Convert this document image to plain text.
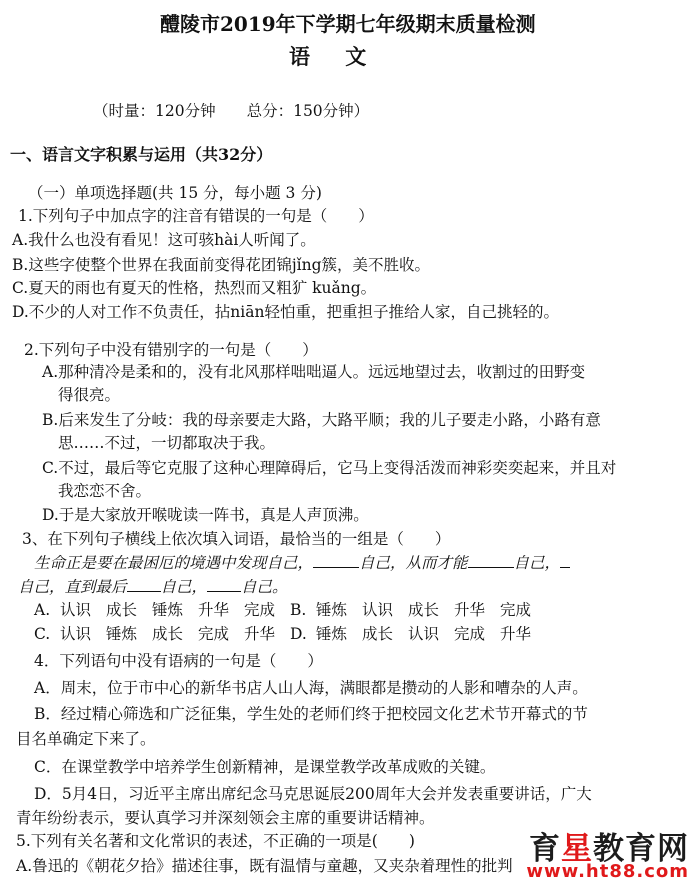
醴陵市2019年下学期七年级期末质量检测
语 文
（时量：120分钟　　总分：150分钟）
一、语言文字积累与运用（共32分）
（一）单项选择题(共 15 分，每小题 3 分)
1.下列句子中加点字的注音有错误的一句是（　　）
A.我什么也没有看见！这可骇hài人听闻了。
B.这些字使整个世界在我面前变得花团锦jǐng簇，美不胜收。
C.夏天的雨也有夏天的性格，热烈而又粗犷 kuǎng。
D.不少的人对工作不负责任，拈niān轻怕重，把重担子推给人家，自己挑轻的。
2.下列句子中没有错别字的一句是（　　）
A.那种清冷是柔和的，没有北风那样咄咄逼人。远远地望过去，收割过的田野变
得很亮。
B.后来发生了分岐：我的母亲要走大路，大路平顺；我的儿子要走小路，小路有意
思……不过，一切都取决于我。
C.不过，最后等它克服了这种心理障碍后，它马上变得活泼而神彩奕奕起来，并且对
我恋恋不舍。
D.于是大家放开喉咙读一阵书，真是人声顶沸。
3、在下列句子横线上依次填入词语，最恰当的一组是（　　）
生命正是要在最困厄的境遇中发现自己，	自己，从而才能	自己，
自己，直到最后 自己， 自己。
A. 认识 成长 锤炼 升华 完成 B. 锤炼 认识 成长 升华 完成
C. 认识 锤炼 成长 完成 升华 D. 锤炼 成长 认识 完成 升华
4．下列语句中没有语病的一句是（　　）
A．周末，位于市中心的新华书店人山人海，满眼都是攒动的人影和嘈杂的人声。
B．经过精心筛选和广泛征集，学生处的老师们终于把校园文化艺术节开幕式的节
目名单确定下来了。
C．在课堂教学中培养学生创新精神，是课堂教学改革成败的关键。
D．5月4日，习近平主席出席纪念马克思诞辰200周年大会并发表重要讲话，广大
青年纷纷表示，要认真学习并深刻领会主席的重要讲话精神。
5.下列有关名著和文化常识的表述，不正确的一项是(　　)
A.鲁迅的《朝花夕拾》描述往事，既有温情与童趣，又夹杂着理性的批判 育星教育网
www.ht88.com
